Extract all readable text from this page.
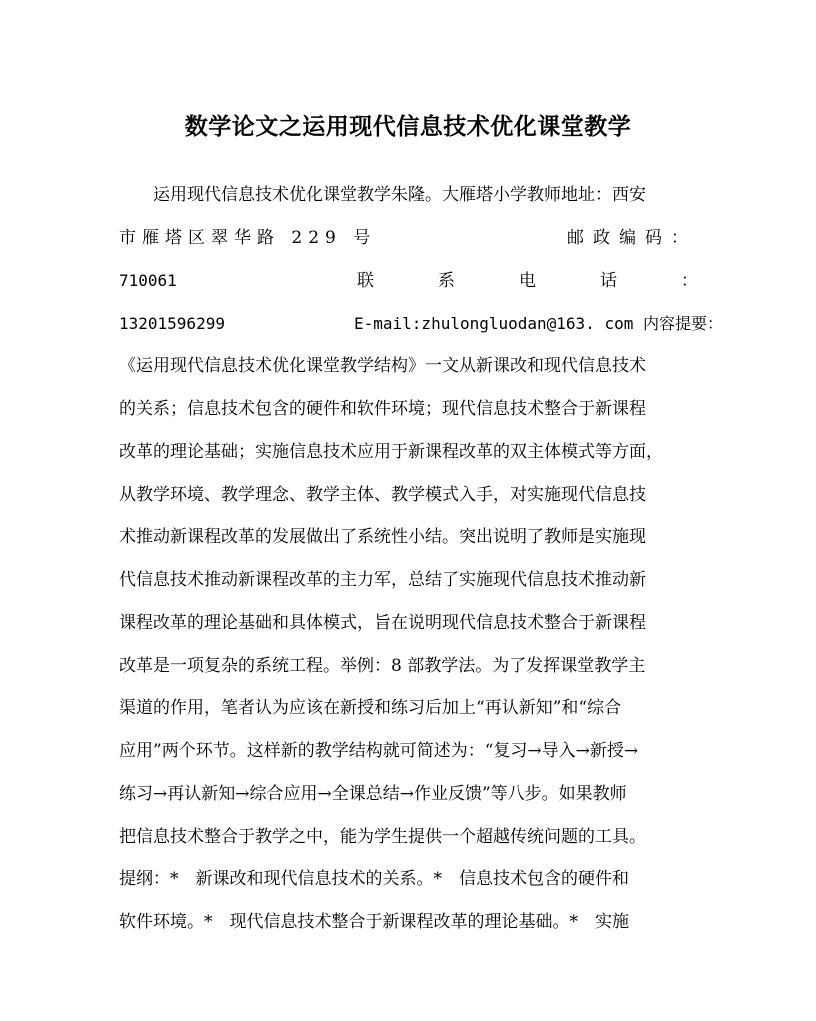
数学论文之运用现代信息技术优化课堂教学
运用现代信息技术优化课堂教学朱隆。大雁塔小学教师地址：西安
市雁塔区翠华路 229 号	邮政编码：
710061	联系电话：
13201596299	E-mail:zhulongluodan@163. com 内容提要：
《运用现代信息技术优化课堂教学结构》一文从新课改和现代信息技术
的关系；信息技术包含的硬件和软件环境；现代信息技术整合于新课程
改革的理论基础；实施信息技术应用于新课程改革的双主体模式等方面，
从教学环境、教学理念、教学主体、教学模式入手，对实施现代信息技
术推动新课程改革的发展做出了系统性小结。突出说明了教师是实施现
代信息技术推动新课程改革的主力军，总结了实施现代信息技术推动新
课程改革的理论基础和具体模式，旨在说明现代信息技术整合于新课程
改革是一项复杂的系统工程。举例：8 部教学法。为了发挥课堂教学主
渠道的作用，笔者认为应该在新授和练习后加上“再认新知”和“综合
应用”两个环节。这样新的教学结构就可简述为：“复习→导入→新授→
练习→再认新知→综合应用→全课总结→作业反馈”等八步。如果教师
把信息技术整合于教学之中，能为学生提供一个超越传统问题的工具。
提纲：*　新课改和现代信息技术的关系。*　信息技术包含的硬件和
软件环境。*　现代信息技术整合于新课程改革的理论基础。*　实施
